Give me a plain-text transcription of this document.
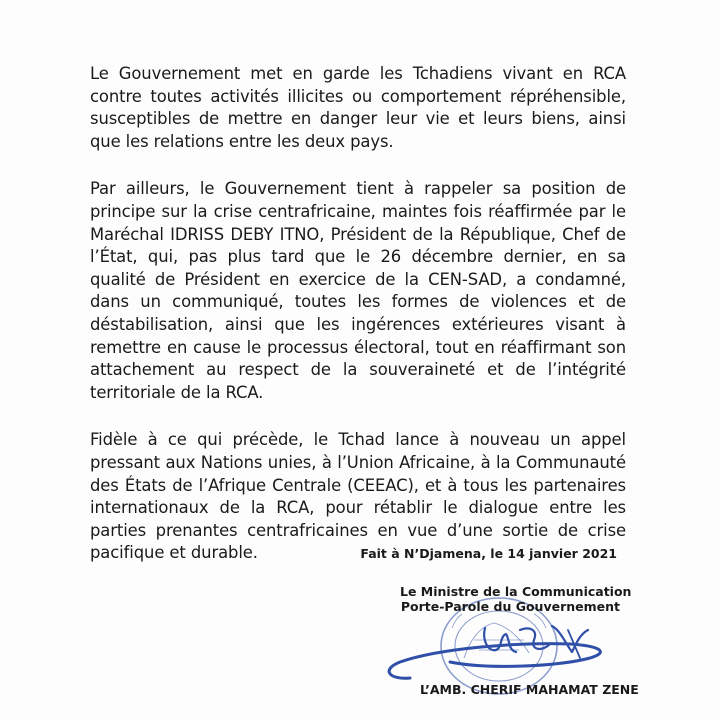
Le Gouvernement met en garde les Tchadiens vivant en RCA contre toutes activités illicites ou comportement répréhensible, susceptibles de mettre en danger leur vie et leurs biens, ainsi que les relations entre les deux pays.

Par ailleurs, le Gouvernement tient à rappeler sa position de principe sur la crise centrafricaine, maintes fois réaffirmée par le Maréchal IDRISS DEBY ITNO, Président de la République, Chef de l’État, qui, pas plus tard que le 26 décembre dernier, en sa qualité de Président en exercice de la CEN-SAD, a condamné, dans un communiqué, toutes les formes de violences et de déstabilisation, ainsi que les ingérences extérieures visant à remettre en cause le processus électoral, tout en réaffirmant son attachement au respect de la souveraineté et de l’intégrité territoriale de la RCA.

Fidèle à ce qui précède, le Tchad lance à nouveau un appel pressant aux Nations unies, à l’Union Africaine, à la Communauté des États de l’Afrique Centrale (CEEAC), et à tous les partenaires internationaux de la RCA, pour rétablir le dialogue entre les parties prenantes centrafricaines en vue d’une sortie de crise pacifique et durable.	Fait à N’Djamena, le 14 janvier 2021
Le Ministre de la Communication
Porte-Parole du Gouvernement
L’AMB. CHERIF MAHAMAT ZENE
